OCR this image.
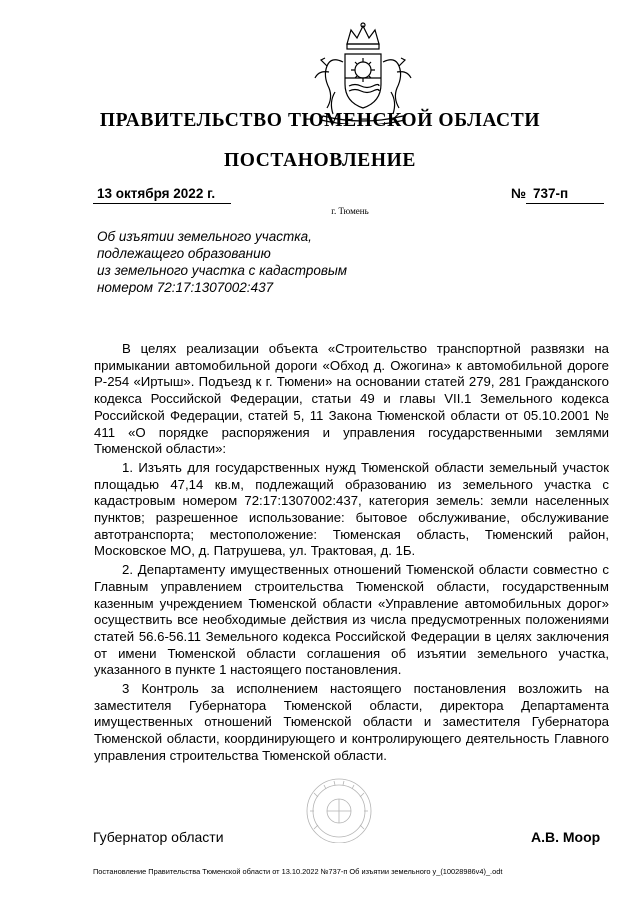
ПРАВИТЕЛЬСТВО ТЮМЕНСКОЙ ОБЛАСТИ
ПОСТАНОВЛЕНИЕ
13 октября 2022 г.	№ 737-п
г. Тюмень
Об изъятии земельного участка,
подлежащего образованию
из земельного участка с кадастровым
номером 72:17:1307002:437

В целях реализации объекта «Строительство транспортной развязки на примыкании автомобильной дороги «Обход д. Ожогина» к автомобильной дороге Р-254 «Иртыш». Подъезд к г. Тюмени» на основании статей 279, 281 Гражданского кодекса Российской Федерации, статьи 49 и главы VII.1 Земельного кодекса Российской Федерации, статей 5, 11 Закона Тюменской области от 05.10.2001 № 411 «О порядке распоряжения и управления государственными землями Тюменской области»:

1. Изъять для государственных нужд Тюменской области земельный участок площадью 47,14 кв.м, подлежащий образованию из земельного участка с кадастровым номером 72:17:1307002:437, категория земель: земли населенных пунктов; разрешенное использование: бытовое обслуживание, обслуживание автотранспорта; местоположение: Тюменская область, Тюменский район, Московское МО, д. Патрушева, ул. Трактовая, д. 1Б.

2. Департаменту имущественных отношений Тюменской области совместно с Главным управлением строительства Тюменской области, государственным казенным учреждением Тюменской области «Управление автомобильных дорог» осуществить все необходимые действия из числа предусмотренных положениями статей 56.6-56.11 Земельного кодекса Российской Федерации в целях заключения от имени Тюменской области соглашения об изъятии земельного участка, указанного в пункте 1 настоящего постановления.

3 Контроль за исполнением настоящего постановления возложить на заместителя Губернатора Тюменской области, директора Департамента имущественных отношений Тюменской области и заместителя Губернатора Тюменской области, координирующего и контролирующего деятельность Главного управления строительства Тюменской области.

Губернатор области	А.В. Моор
Постановление Правительства Тюменской области от 13.10.2022 №737-п Об изъятии земельного у_(10028986v4)_.odt
